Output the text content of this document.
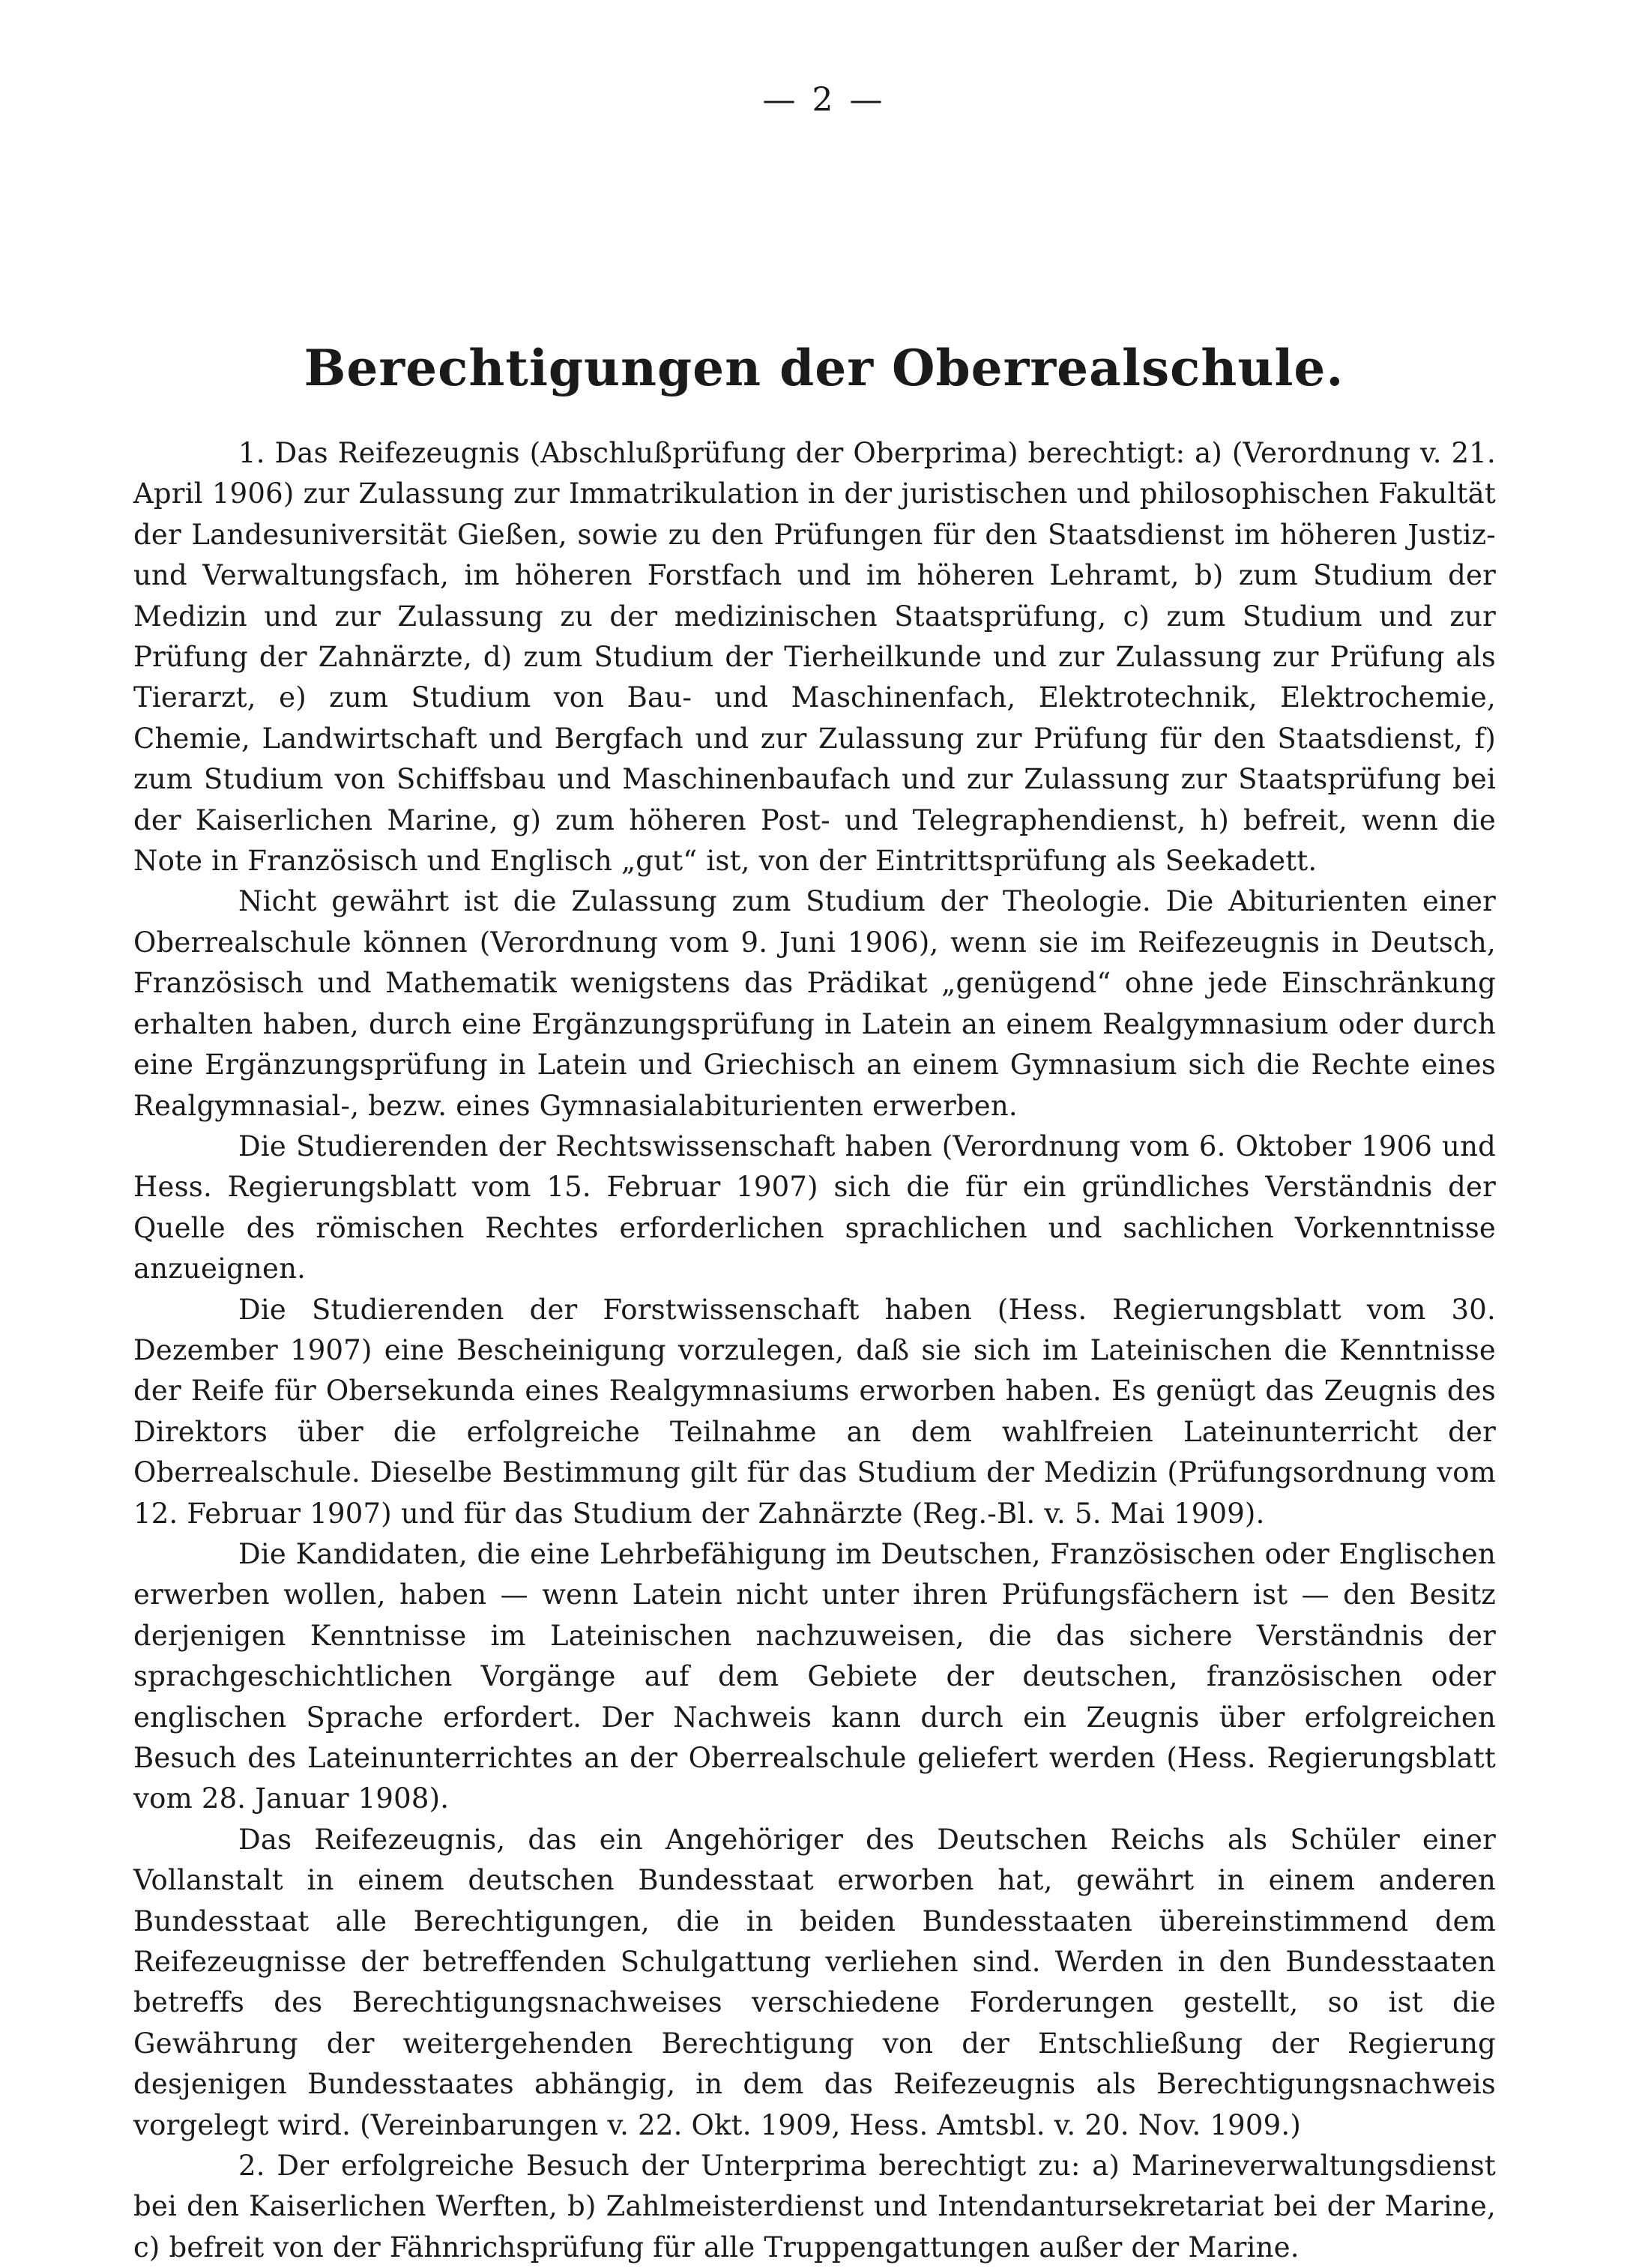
— 2 —
Berechtigungen der Oberrealschule.

1. Das Reifezeugnis (Abschlußprüfung der Oberprima) berechtigt: a) (Verordnung v. 21. April 1906) zur Zulassung zur Immatrikulation in der juristischen und philosophischen Fakultät der Landesuniversität Gießen, sowie zu den Prüfungen für den Staatsdienst im höheren Justiz- und Verwaltungsfach, im höheren Forstfach und im höheren Lehramt, b) zum Studium der Medizin und zur Zulassung zu der medizinischen Staatsprüfung, c) zum Studium und zur Prüfung der Zahnärzte, d) zum Studium der Tierheilkunde und zur Zulassung zur Prüfung als Tierarzt, e) zum Studium von Bau- und Maschinenfach, Elektrotechnik, Elektrochemie, Chemie, Landwirtschaft und Bergfach und zur Zulassung zur Prüfung für den Staatsdienst, f) zum Studium von Schiffsbau und Maschinenbaufach und zur Zulassung zur Staatsprüfung bei der Kaiserlichen Marine, g) zum höheren Post- und Telegraphendienst, h) befreit, wenn die Note in Französisch und Englisch „gut“ ist, von der Eintrittsprüfung als Seekadett.

Nicht gewährt ist die Zulassung zum Studium der Theologie. Die Abiturienten einer Oberrealschule können (Verordnung vom 9. Juni 1906), wenn sie im Reifezeugnis in Deutsch, Französisch und Mathematik wenigstens das Prädikat „genügend“ ohne jede Einschränkung erhalten haben, durch eine Ergänzungsprüfung in Latein an einem Realgymnasium oder durch eine Ergänzungsprüfung in Latein und Griechisch an einem Gymnasium sich die Rechte eines Realgymnasial-, bezw. eines Gymnasialabiturienten erwerben.

Die Studierenden der Rechtswissenschaft haben (Verordnung vom 6. Oktober 1906 und Hess. Regierungsblatt vom 15. Februar 1907) sich die für ein gründliches Verständnis der Quelle des römischen Rechtes erforderlichen sprachlichen und sachlichen Vorkenntnisse anzueignen.

Die Studierenden der Forstwissenschaft haben (Hess. Regierungsblatt vom 30. Dezember 1907) eine Bescheinigung vorzulegen, daß sie sich im Lateinischen die Kenntnisse der Reife für Obersekunda eines Realgymnasiums erworben haben. Es genügt das Zeugnis des Direktors über die erfolgreiche Teilnahme an dem wahlfreien Lateinunterricht der Oberrealschule. Dieselbe Bestimmung gilt für das Studium der Medizin (Prüfungsordnung vom 12. Februar 1907) und für das Studium der Zahnärzte (Reg.-Bl. v. 5. Mai 1909).

Die Kandidaten, die eine Lehrbefähigung im Deutschen, Französischen oder Englischen erwerben wollen, haben — wenn Latein nicht unter ihren Prüfungsfächern ist — den Besitz derjenigen Kenntnisse im Lateinischen nachzuweisen, die das sichere Verständnis der sprachgeschichtlichen Vorgänge auf dem Gebiete der deutschen, französischen oder englischen Sprache erfordert. Der Nachweis kann durch ein Zeugnis über erfolgreichen Besuch des Lateinunterrichtes an der Oberrealschule geliefert werden (Hess. Regierungsblatt vom 28. Januar 1908).

Das Reifezeugnis, das ein Angehöriger des Deutschen Reichs als Schüler einer Vollanstalt in einem deutschen Bundesstaat erworben hat, gewährt in einem anderen Bundesstaat alle Berechtigungen, die in beiden Bundesstaaten übereinstimmend dem Reifezeugnisse der betreffenden Schulgattung verliehen sind. Werden in den Bundesstaaten betreffs des Berechtigungsnachweises verschiedene Forderungen gestellt, so ist die Gewährung der weitergehenden Berechtigung von der Entschließung der Regierung desjenigen Bundesstaates abhängig, in dem das Reifezeugnis als Berechtigungsnachweis vorgelegt wird. (Vereinbarungen v. 22. Okt. 1909, Hess. Amtsbl. v. 20. Nov. 1909.)

2. Der erfolgreiche Besuch der Unterprima berechtigt zu: a) Marineverwaltungsdienst bei den Kaiserlichen Werften, b) Zahlmeisterdienst und Intendantursekretariat bei der Marine, c) befreit von der Fähnrichsprüfung für alle Truppengattungen außer der Marine.
